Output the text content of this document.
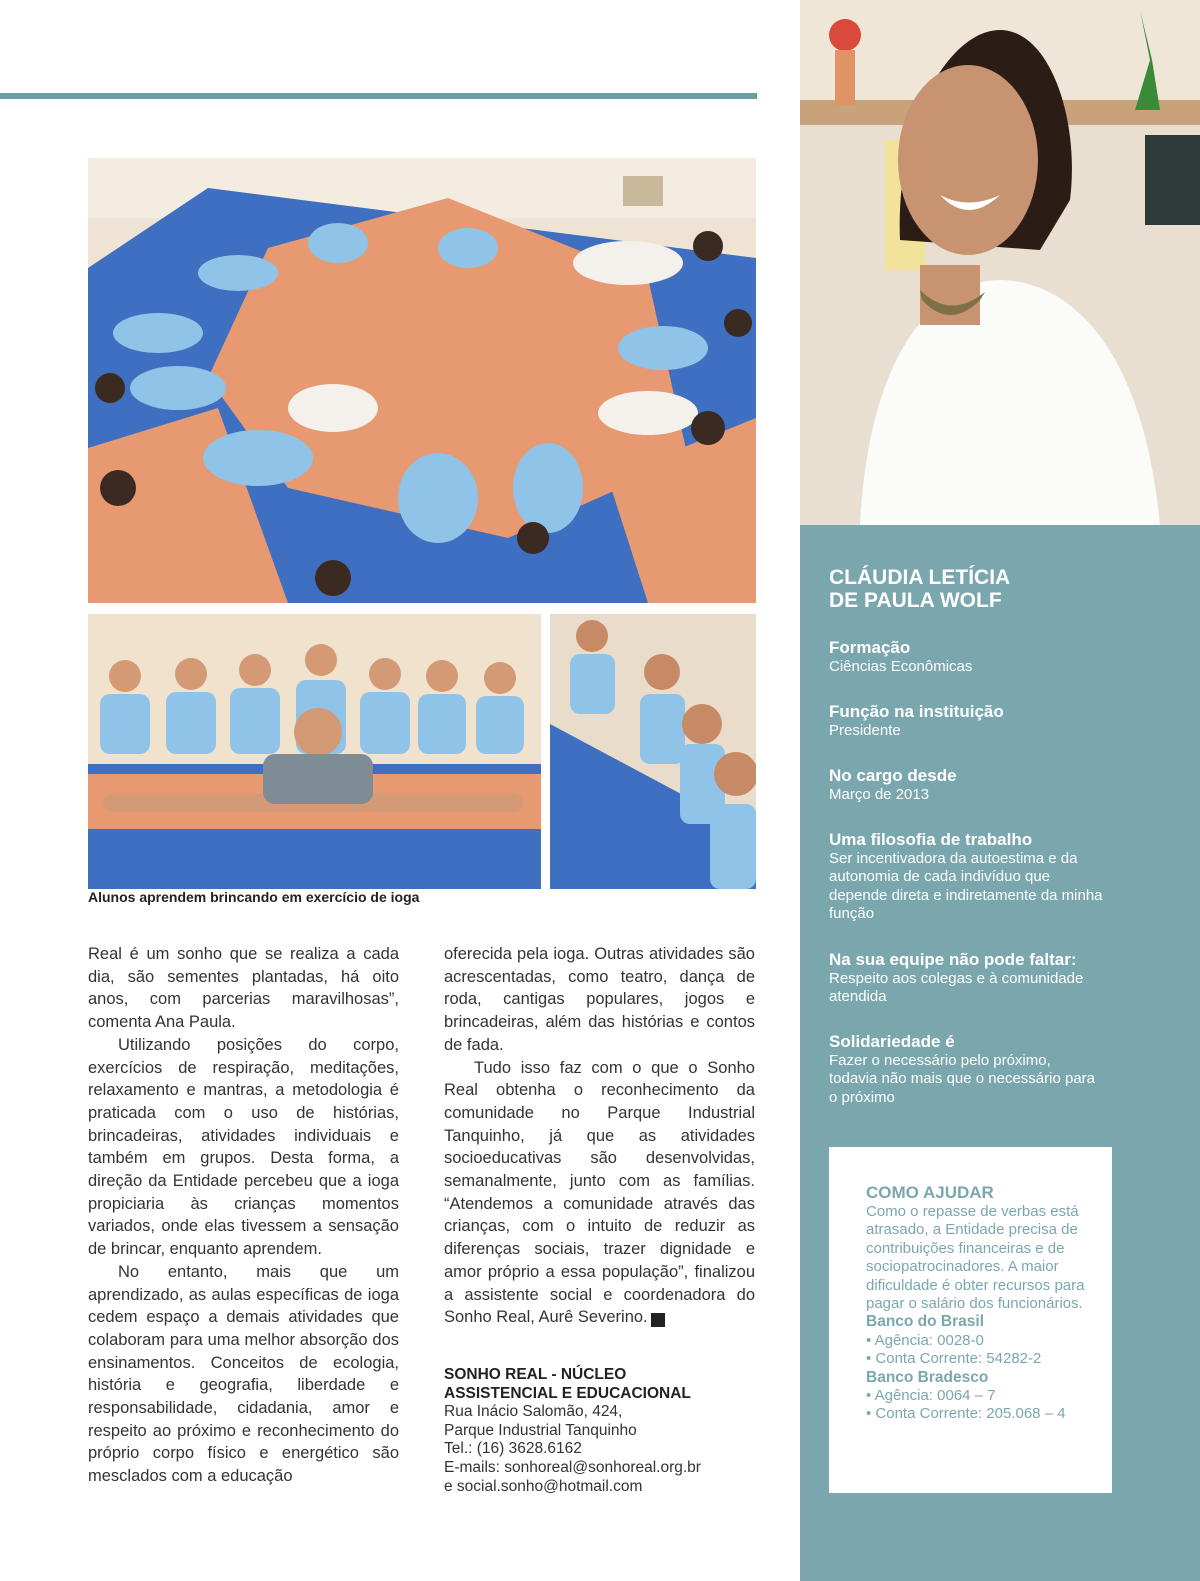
Alunos aprendem brincando em exercício de ioga

Real é um sonho que se realiza a cada dia, são sementes plantadas, há oito anos, com parcerias maravilhosas”, comenta Ana Paula.

Utilizando posições do corpo, exercícios de respiração, meditações, relaxamento e mantras, a metodologia é praticada com o uso de histórias, brincadeiras, atividades individuais e também em grupos. Desta forma, a direção da Entidade percebeu que a ioga propiciaria às crianças momentos variados, onde elas tivessem a sensação de brincar, enquanto aprendem.

No entanto, mais que um aprendizado, as aulas específicas de ioga cedem espaço a demais atividades que colaboram para uma melhor absorção dos ensinamentos. Conceitos de ecologia, história e geografia, liberdade e responsabilidade, cidadania, amor e respeito ao próximo e reconhecimento do próprio corpo físico e energético são mesclados com a educação

oferecida pela ioga. Outras atividades são acrescentadas, como teatro, dança de roda, cantigas populares, jogos e brincadeiras, além das histórias e contos de fada.

Tudo isso faz com o que o Sonho Real obtenha o reconhecimento da comunidade no Parque Industrial Tanquinho, já que as atividades socioeducativas são desenvolvidas, semanalmente, junto com as famílias. “Atendemos a comunidade através das crianças, com o intuito de reduzir as diferenças sociais, trazer dignidade e amor próprio a essa população”, finalizou a assistente social e coordenadora do Sonho Real, Aurê Severino.	r

SONHO REAL - NÚCLEO
ASSISTENCIAL E EDUCACIONAL
Rua Inácio Salomão, 424,
Parque Industrial Tanquinho
Tel.: (16) 3628.6162
E-mails: sonhoreal@sonhoreal.org.br
e social.sonho@hotmail.com
CLÁUDIA LETÍCIA
DE PAULA WOLF
Formação
Ciências Econômicas
Função na instituição
Presidente
No cargo desde
Março de 2013
Uma filosofia de trabalho
Ser incentivadora da autoestima e da autonomia de cada indivíduo que depende direta e indiretamente da minha função
Na sua equipe não pode faltar:
Respeito aos colegas e à comunidade atendida
Solidariedade é
Fazer o necessário pelo próximo, todavia não mais que o necessário para o próximo
COMO AJUDAR
Como o repasse de verbas está atrasado, a Entidade precisa de contribuições financeiras e de sociopatrocinadores. A maior dificuldade é obter recursos para pagar o salário dos funcionários.
Banco do Brasil
• Agência: 0028-0
• Conta Corrente: 54282-2
Banco Bradesco
• Agência: 0064 – 7
• Conta Corrente: 205.068 – 4
